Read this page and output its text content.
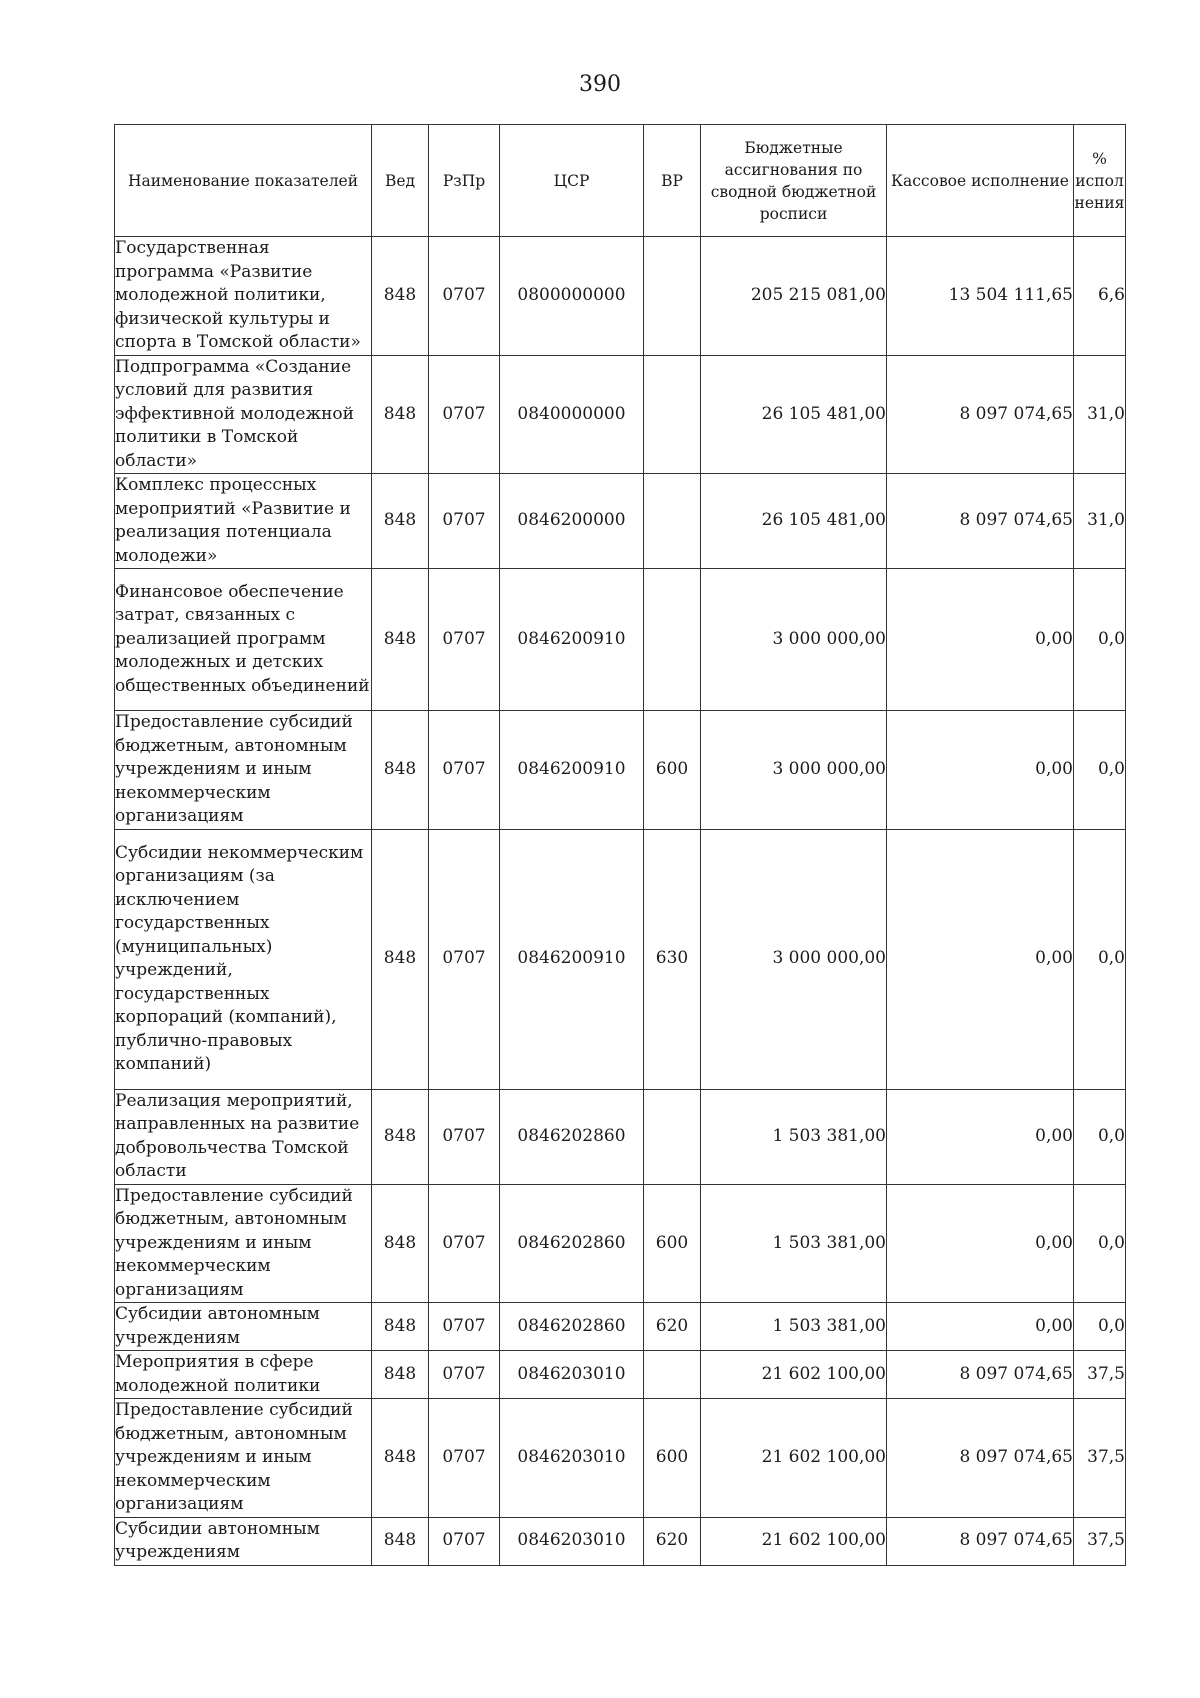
390
Наименование показателей	Вед	РзПр	ЦСР	ВР	Бюджетные ассигнования по сводной бюджетной росписи	Кассовое исполнение	% испол нения
Государственная программа «Развитие молодежной политики, физической культуры и спорта в Томской области»	848	0707	0800000000		205 215 081,00	13 504 111,65	6,6
Подпрограмма «Создание условий для развития эффективной молодежной политики в Томской области»	848	0707	0840000000		26 105 481,00	8 097 074,65	31,0
Комплекс процессных мероприятий «Развитие и реализация потенциала молодежи»	848	0707	0846200000		26 105 481,00	8 097 074,65	31,0
Финансовое обеспечение затрат, связанных с реализацией программ молодежных и детских общественных объединений	848	0707	0846200910		3 000 000,00	0,00	0,0
Предоставление субсидий бюджетным, автономным учреждениям и иным некоммерческим организациям	848	0707	0846200910	600	3 000 000,00	0,00	0,0
Субсидии некоммерческим организациям (за исключением государственных (муниципальных) учреждений, государственных корпораций (компаний), публично-правовых компаний)	848	0707	0846200910	630	3 000 000,00	0,00	0,0
Реализация мероприятий, направленных на развитие добровольчества Томской области	848	0707	0846202860		1 503 381,00	0,00	0,0
Предоставление субсидий бюджетным, автономным учреждениям и иным некоммерческим организациям	848	0707	0846202860	600	1 503 381,00	0,00	0,0
Субсидии автономным учреждениям	848	0707	0846202860	620	1 503 381,00	0,00	0,0
Мероприятия в сфере молодежной политики	848	0707	0846203010		21 602 100,00	8 097 074,65	37,5
Предоставление субсидий бюджетным, автономным учреждениям и иным некоммерческим организациям	848	0707	0846203010	600	21 602 100,00	8 097 074,65	37,5
Субсидии автономным учреждениям	848	0707	0846203010	620	21 602 100,00	8 097 074,65	37,5
